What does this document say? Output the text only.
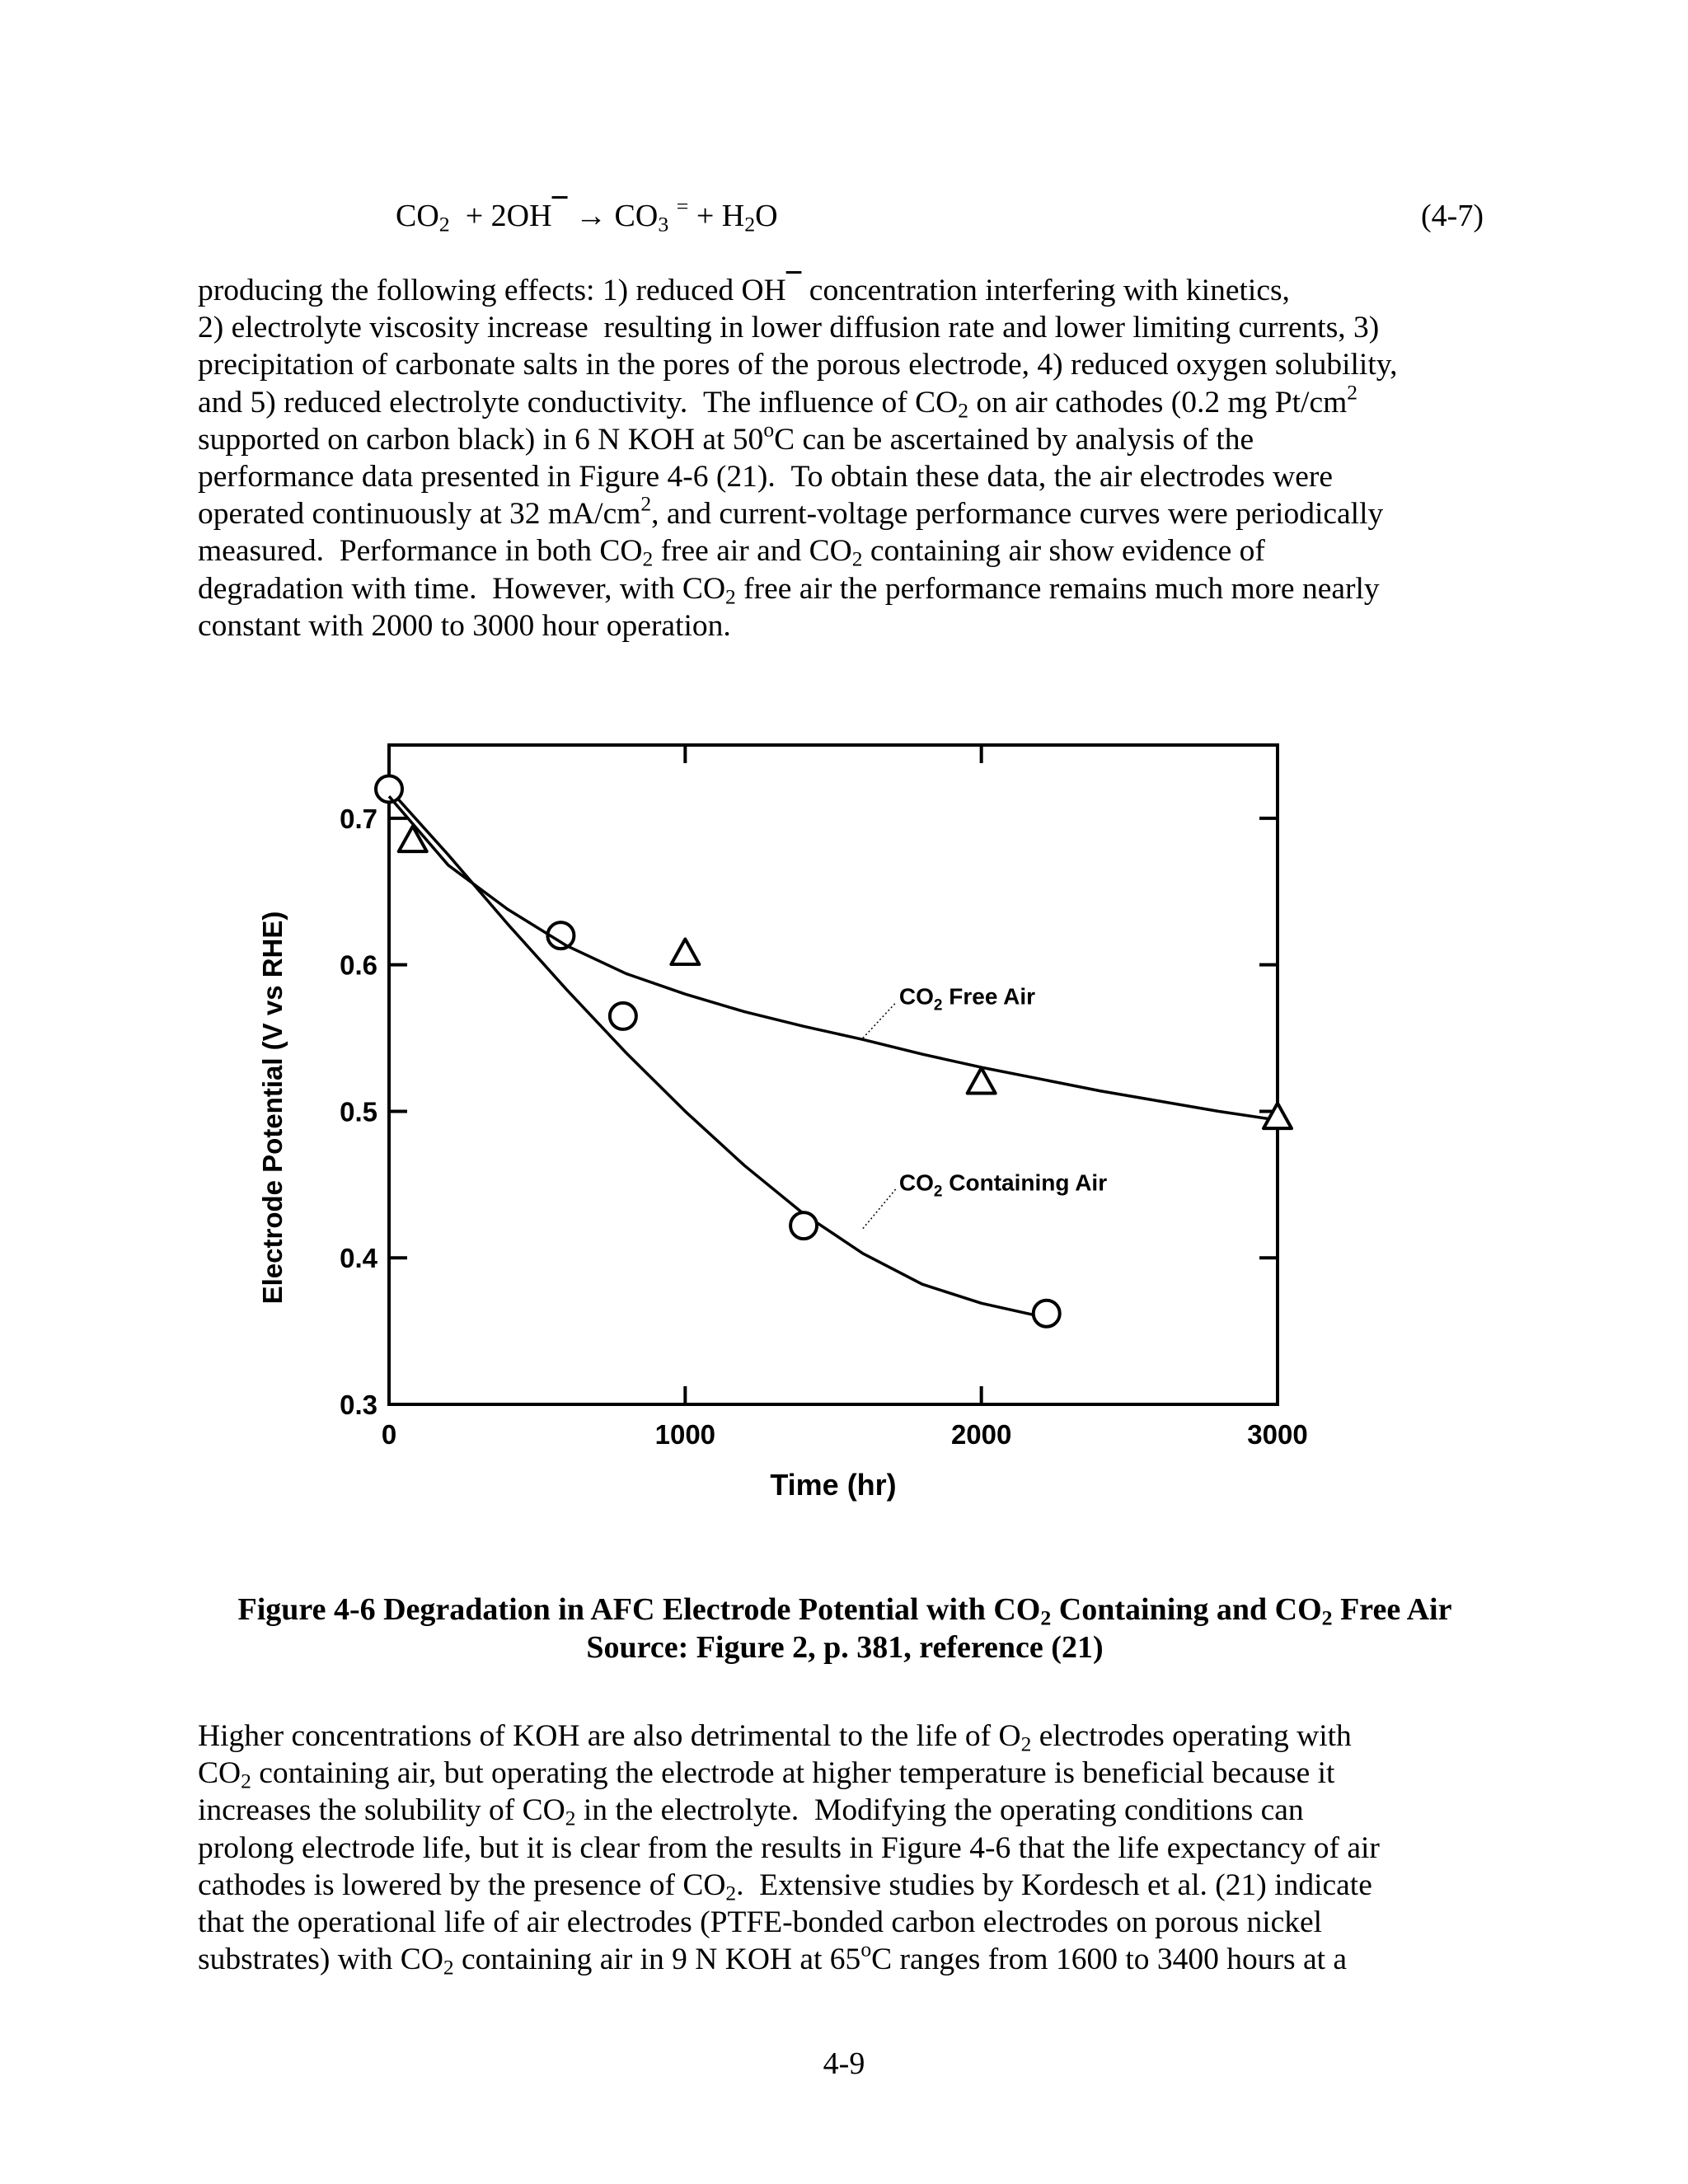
$CO_2 + 2OH \to CO_3$ $^= + H_2O$	(4-7)
producing the following effects: 1) reduced OH   concentration interfering with kinetics,
2) electrolyte viscosity increase  resulting in lower diffusion rate and lower limiting currents, 3)
precipitation of carbonate salts in the pores of the porous electrode, 4) reduced oxygen solubility,
and 5) reduced electrolyte conductivity.  The influence of $CO_2$ on air cathodes (0.2 mg $Pt/cm^2$
supported on carbon black) in 6 N KOH at 50$^o$C can be ascertained by analysis of the
performance data presented in Figure 4-6 (21).  To obtain these data, the air electrodes were
operated continuously at 32 $mA/cm^2$, and current-voltage performance curves were periodically
measured.  Performance in both $CO_2$ free air and $CO_2$ containing air show evidence of
degradation with time.  However, with $CO_2$ free air the performance remains much more nearly
constant with 2000 to 3000 hour operation.
0	1000	2000	3000
0.3
0.4
0.5
0.6
0.7
Time (hr)
Electrode Potential (V vs RHE)	$CO_2$ Containing Air
$CO_2$ Free Air
Figure 4-6 Degradation in AFC Electrode Potential with $CO_2$ Containing and $CO_2$ Free Air
Source: Figure 2, p. 381, reference (21)
Higher concentrations of KOH are also detrimental to the life of $O_2$ electrodes operating with
$CO_2$ containing air, but operating the electrode at higher temperature is beneficial because it
increases the solubility of $CO_2$ in the electrolyte.  Modifying the operating conditions can
prolong electrode life, but it is clear from the results in Figure 4-6 that the life expectancy of air
cathodes is lowered by the presence of $CO_2$.  Extensive studies by Kordesch et al. (21) indicate
that the operational life of air electrodes (PTFE-bonded carbon electrodes on porous nickel
substrates) with $CO_2$ containing air in 9 N KOH at 65$^o$C ranges from 1600 to 3400 hours at a
4-9
